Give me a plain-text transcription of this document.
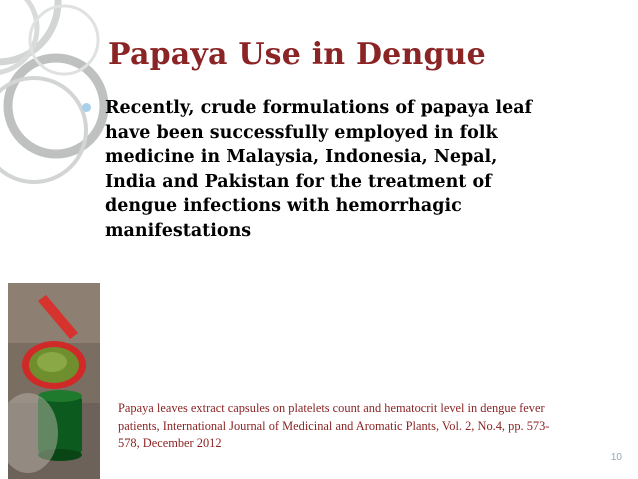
Papaya Use in Dengue
Recently, crude formulations of papaya leaf
have been successfully employed in folk
medicine in Malaysia, Indonesia, Nepal,
India and Pakistan for the treatment of
dengue infections with hemorrhagic
manifestations
Papaya leaves extract capsules on platelets count and hematocrit level in dengue fever
patients, International Journal of Medicinal and Aromatic Plants, Vol. 2, No.4, pp. 573-
578, December 2012
10
